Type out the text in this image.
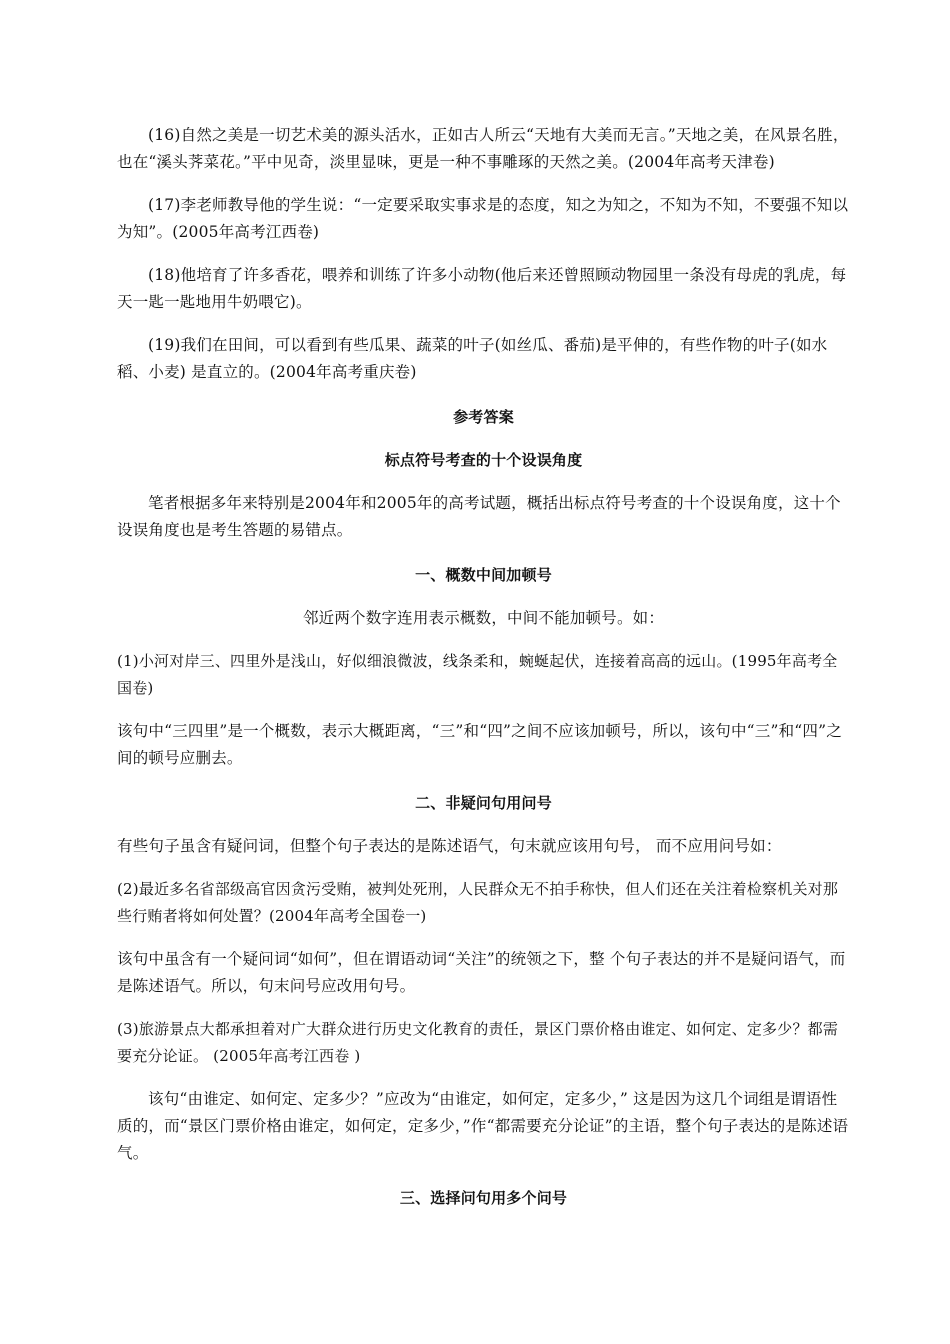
(16)自然之美是一切艺术美的源头活水，正如古人所云“天地有大美而无言。”天地之美，在风景名胜，也在“溪头荠菜花。”平中见奇，淡里显味，更是一种不事雕琢的天然之美。(2004年高考天津卷)

(17)李老师教导他的学生说：“一定要采取实事求是的态度，知之为知之，不知为不知，不要强不知以为知”。(2005年高考江西卷)

(18)他培育了许多香花，喂养和训练了许多小动物(他后来还曾照顾动物园里一条没有母虎的乳虎，每天一匙一匙地用牛奶喂它)。

(19)我们在田间，可以看到有些瓜果、蔬菜的叶子(如丝瓜、番茄)是平伸的，有些作物的叶子(如水稻、小麦) 是直立的。(2004年高考重庆卷)

参考答案

标点符号考查的十个设误角度

笔者根据多年来特别是2004年和2005年的高考试题，概括出标点符号考查的十个设误角度，这十个设误角度也是考生答题的易错点。

一、概数中间加顿号

邻近两个数字连用表示概数，中间不能加顿号。如：

(1)小河对岸三、四里外是浅山，好似细浪微波，线条柔和，蜿蜒起伏，连接着高高的远山。(1995年高考全国卷)

该句中“三四里”是一个概数，表示大概距离，“三”和“四”之间不应该加顿号，所以，该句中“三”和“四”之间的顿号应删去。

二、非疑问句用问号

有些句子虽含有疑问词，但整个句子表达的是陈述语气，句末就应该用句号， 而不应用问号如：

(2)最近多名省部级高官因贪污受贿，被判处死刑，人民群众无不拍手称快，但人们还在关注着检察机关对那些行贿者将如何处置？(2004年高考全国卷一)

该句中虽含有一个疑问词“如何”，但在谓语动词“关注”的统领之下，整 个句子表达的并不是疑问语气，而是陈述语气。所以，句末问号应改用句号。

(3)旅游景点大都承担着对广大群众进行历史文化教育的责任，景区门票价格由谁定、如何定、定多少？都需要充分论证。 (2005年高考江西卷 )

该句“由谁定、如何定、定多少？”应改为“由谁定，如何定，定多少，” 这是因为这几个词组是谓语性质的，而“景区门票价格由谁定，如何定，定多少，”作“都需要充分论证”的主语，整个句子表达的是陈述语气。

三、选择问句用多个问号
